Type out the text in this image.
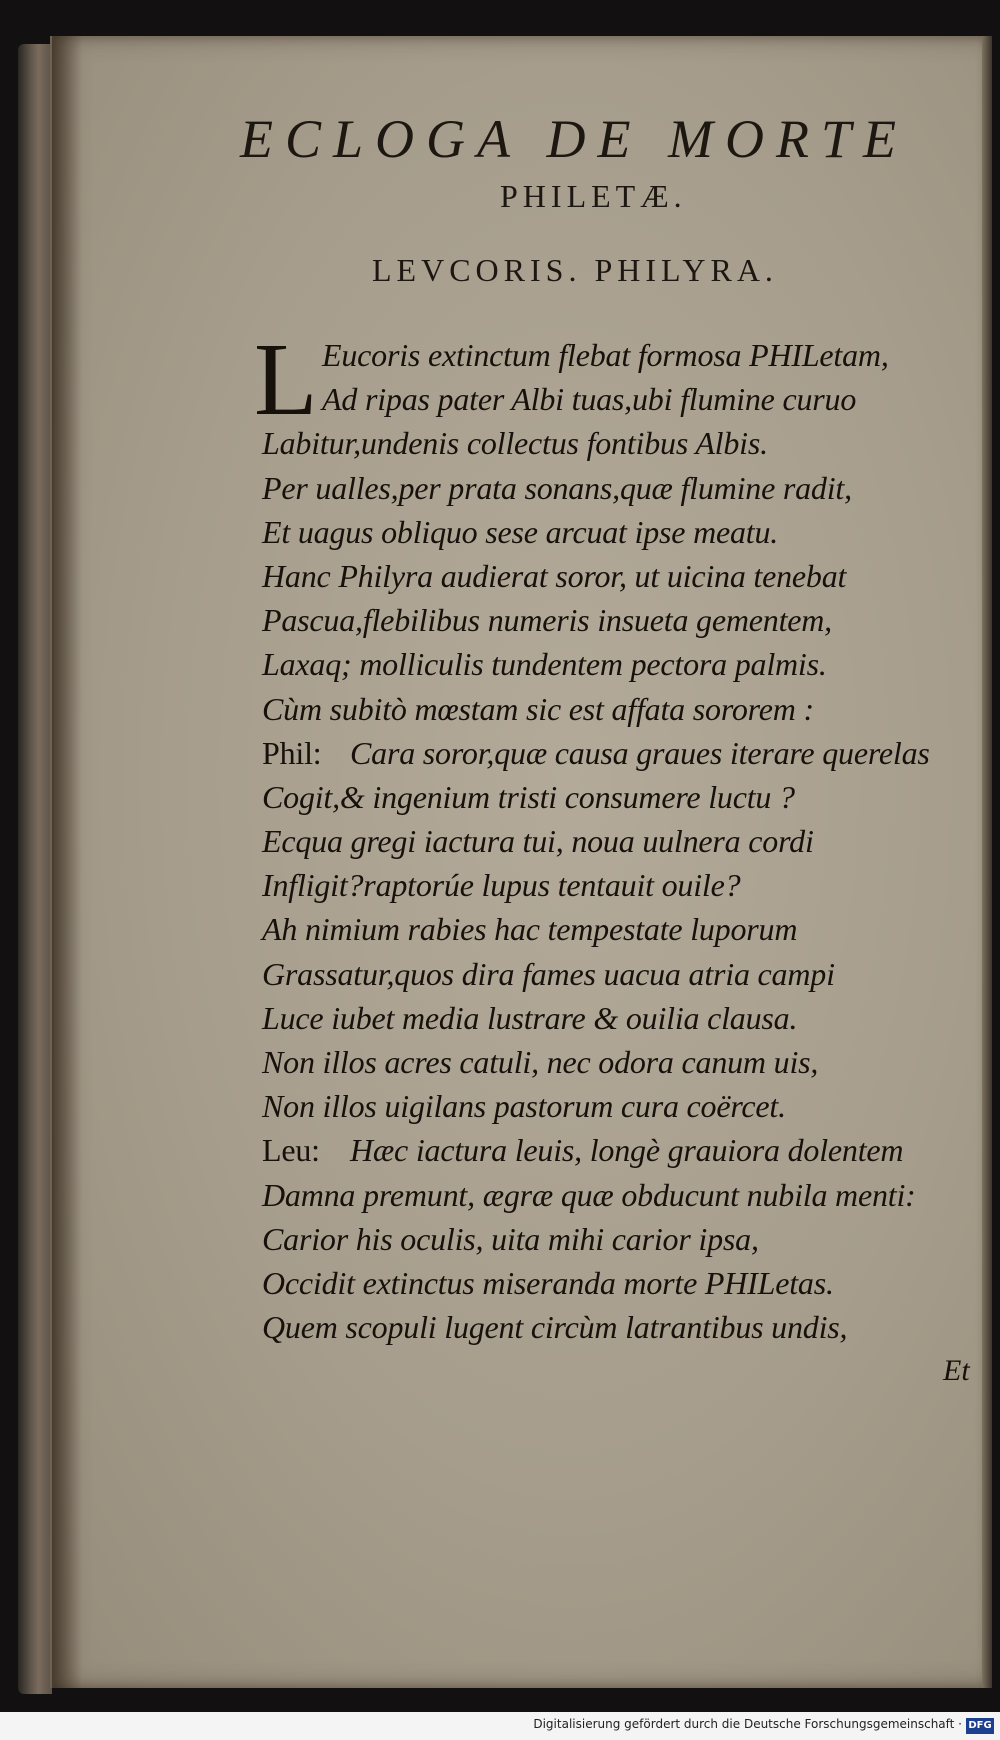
ECLOGA DE MORTE
PHILETÆ.
LEVCORIS. PHILYRA.
L Eucoris extinctum flebat formosa PHILetam,
Ad ripas pater Albi tuas,ubi flumine curuo
Labitur,undenis collectus fontibus Albis.
Per ualles,per prata sonans,quæ flumine radit,
Et uagus obliquo sese arcuat ipse meatu.
Hanc Philyra audierat soror, ut uicina tenebat
Pascua,flebilibus numeris insueta gementem,
Laxaq; molliculis tundentem pectora palmis.
Cùm subitò mœstam sic est affata sororem :
Phil: Cara soror,quæ causa graues iterare querelas
Cogit,& ingenium tristi consumere luctu ?
Ecqua gregi iactura tui, noua uulnera cordi
Infligit?raptorúe lupus tentauit ouile?
Ah nimium rabies hac tempestate luporum
Grassatur,quos dira fames uacua atria campi
Luce iubet media lustrare & ouilia clausa.
Non illos acres catuli, nec odora canum uis,
Non illos uigilans pastorum cura coërcet.
Leu: Hæc iactura leuis, longè grauiora dolentem
Damna premunt, ægræ quæ obducunt nubila menti:
Carior his oculis, uita mihi carior ipsa,
Occidit extinctus miseranda morte PHILetas.
Quem scopuli lugent circùm latrantibus undis,
Et
Digitalisierung gefördert durch die Deutsche Forschungsgemeinschaft · DFG
